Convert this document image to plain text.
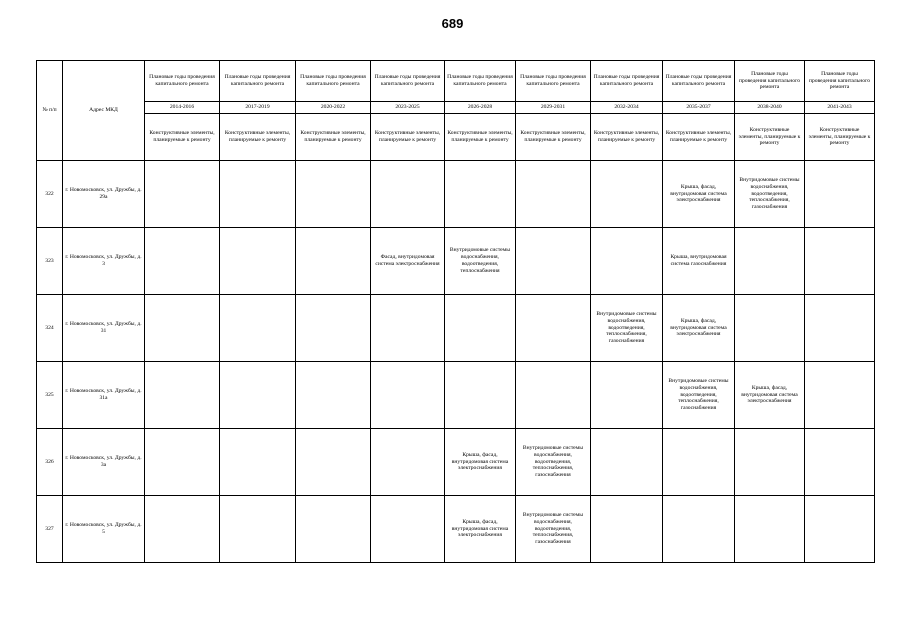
689
№ п/п	Адрес МКД	Плановые годы проведения капитального ремонта	Плановые годы проведения капитального ремонта	Плановые годы проведения капитального ремонта	Плановые годы проведения капитального ремонта	Плановые годы проведения капитального ремонта	Плановые годы проведения капитального ремонта	Плановые годы проведения капитального ремонта	Плановые годы проведения капитального ремонта	Плановые годы проведения капитального ремонта	Плановые годы проведения капитального ремонта
		2014-2016	2017-2019	2020-2022	2023-2025	2026-2028	2029-2031	2032-2034	2035-2037	2038-2040	2041-2043
		Конструктивные элементы, планируемые к ремонту	Конструктивные элементы, планируемые к ремонту	Конструктивные элементы, планируемые к ремонту	Конструктивные элементы, планируемые к ремонту	Конструктивные элементы, планируемые к ремонту	Конструктивные элементы, планируемые к ремонту	Конструктивные элементы, планируемые к ремонту	Конструктивные элементы, планируемые к ремонту	Конструктивные элементы, планируемые к ремонту	Конструктивные элементы, планируемые к ремонту
322	г. Новомосковск, ул. Дружбы, д. 29а								Крыша, фасад, внутридомовая система электроснабжения	Внутридомовые системы водоснабжения, водоотведения, теплоснабжения, газоснабжения	
323	г. Новомосковск, ул. Дружбы, д. 3				Фасад, внутридомовая система электроснабжения	Внутридомовые системы водоснабжения, водоотведения, теплоснабжения			Крыша, внутридомовая система газоснабжения		
324	г. Новомосковск, ул. Дружбы, д. 31							Внутридомовые системы водоснабжения, водоотведения, теплоснабжения, газоснабжения	Крыша, фасад, внутридомовая система электроснабжения		
325	г. Новомосковск, ул. Дружбы, д. 31а								Внутридомовые системы водоснабжения, водоотведения, теплоснабжения, газоснабжения	Крыша, фасад, внутридомовая система электроснабжения	
326	г. Новомосковск, ул. Дружбы, д. 3а					Крыша, фасад, внутридомовая система электроснабжения	Внутридомовые системы водоснабжения, водоотведения, теплоснабжения, газоснабжения				
327	г. Новомосковск, ул. Дружбы, д. 5					Крыша, фасад, внутридомовая система электроснабжения	Внутридомовые системы водоснабжения, водоотведения, теплоснабжения, газоснабжения				
